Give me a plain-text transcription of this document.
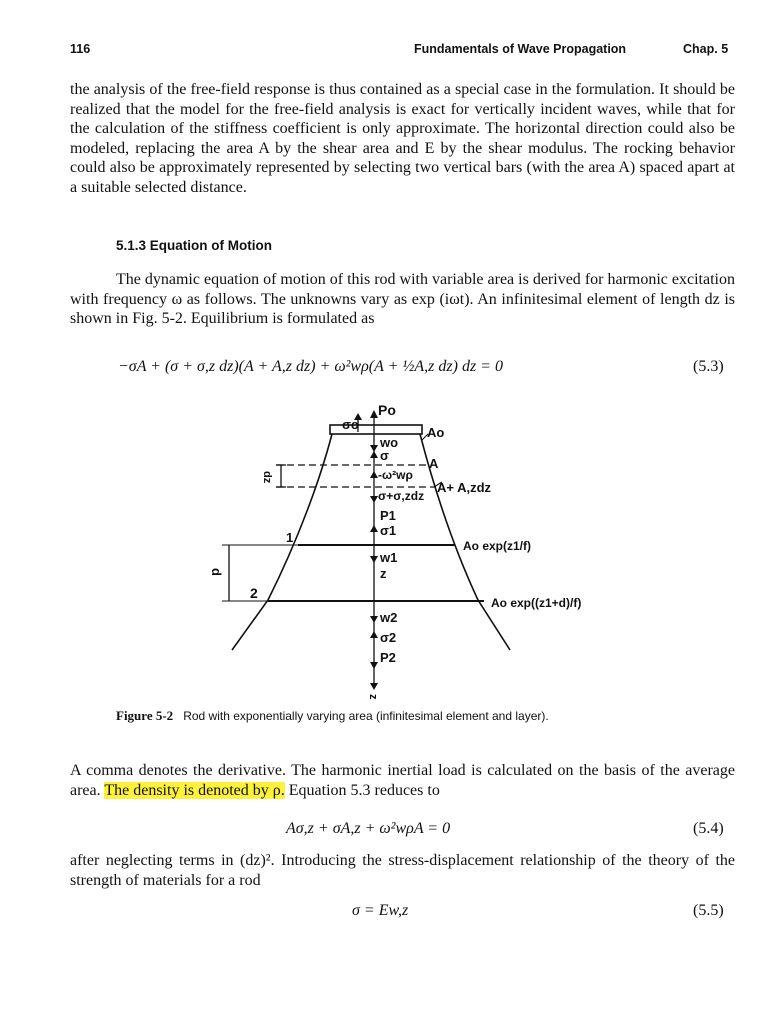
116	Fundamentals of Wave Propagation	Chap. 5

the analysis of the free-field response is thus contained as a special case in the formulation. It should be realized that the model for the free-field analysis is exact for vertically incident waves, while that for the calculation of the stiffness coefficient is only approximate. The horizontal direction could also be modeled, replacing the area A by the shear area and E by the shear modulus. The rocking behavior could also be approximately represented by selecting two vertical bars (with the area A) spaced apart at a suitable selected distance.

5.1.3 Equation of Motion

The dynamic equation of motion of this rod with variable area is derived for harmonic excitation with frequency ω as follows. The unknowns vary as exp (iωt). An infinitesimal element of length dz is shown in Fig. 5-2. Equilibrium is formulated as

−σA + (σ + σ,z dz)(A + A,z dz) + ω²wρ(A + ½A,z dz) dz = 0	(5.3)
σo
Po
Ao
wo
σ
A
-ω²wρ
dz
A+ A,zdz
σ+σ,zdz
P1
σ1
1
Ao exp(z1/f)
w1
z
d
2
Ao exp((z1+d)/f)
w2
σ2
P2
z

Figure 5-2 Rod with exponentially varying area (infinitesimal element and layer).

A comma denotes the derivative. The harmonic inertial load is calculated on the basis of the average area. The density is denoted by ρ. Equation 5.3 reduces to

Aσ,z + σA,z + ω²wρA = 0	(5.4)

after neglecting terms in (dz)². Introducing the stress-displacement relationship of the theory of the strength of materials for a rod

σ = Ew,z	(5.5)
